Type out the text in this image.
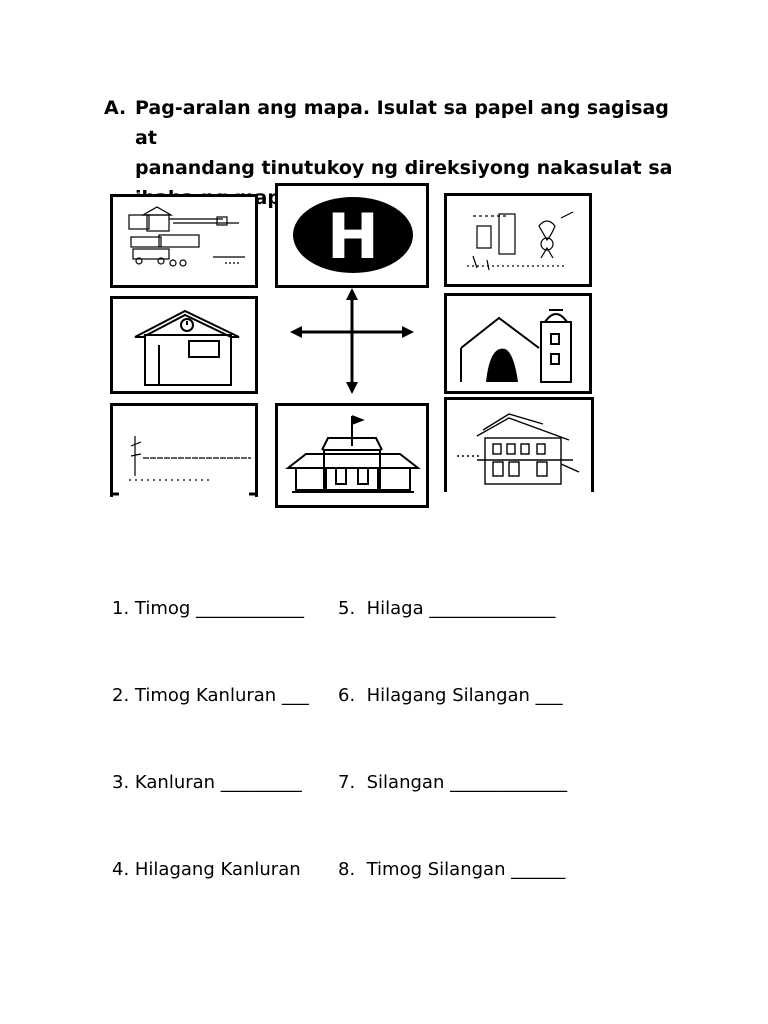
A. Pag-aralan ang mapa. Isulat sa papel ang sagisag at
panandang tinutukoy ng direksiyong nakasulat sa
mapa.
H

1. Timog ____________

2. Timog Kanluran ___

3. Kanluran _________

4. Hilagang Kanluran

5.  Hilaga ______________

6.  Hilagang Silangan ___

7.  Silangan _____________

8.  Timog Silangan ______
